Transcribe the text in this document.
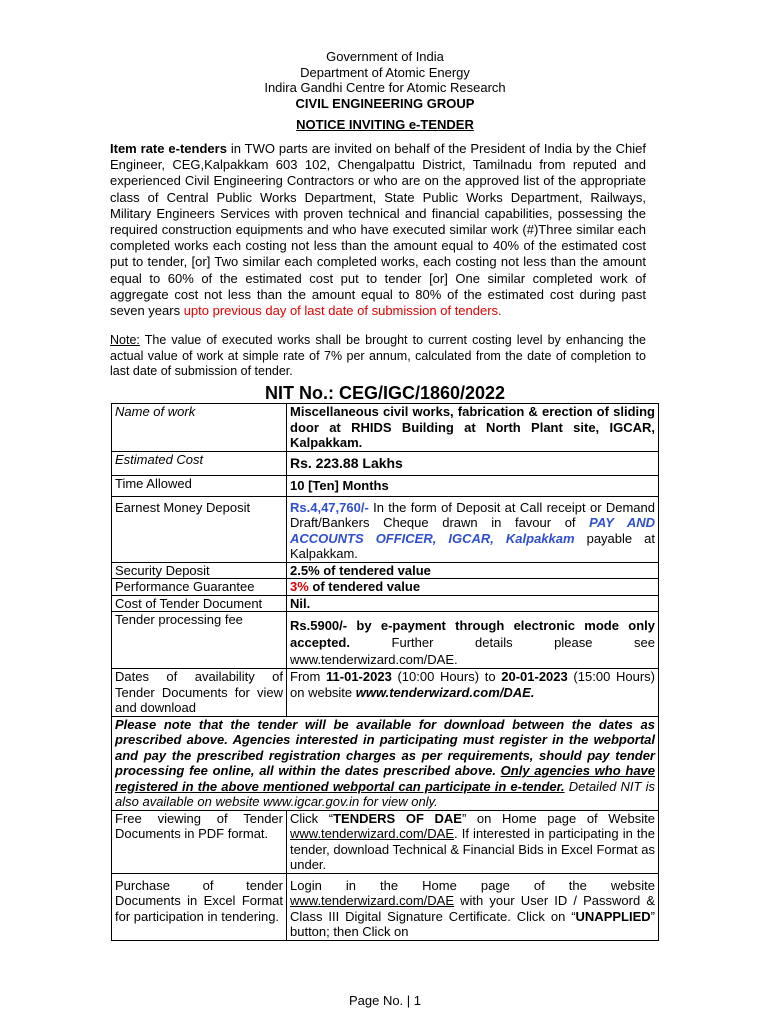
Government of India
Department of Atomic Energy
Indira Gandhi Centre for Atomic Research
CIVIL ENGINEERING GROUP
NOTICE INVITING e-TENDER
Item rate e-tenders in TWO parts are invited on behalf of the President of India by the Chief Engineer, CEG,Kalpakkam 603 102, Chengalpattu District, Tamilnadu from reputed and experienced Civil Engineering Contractors or who are on the approved list of the appropriate class of Central Public Works Department, State Public Works Department, Railways, Military Engineers Services with proven technical and financial capabilities, possessing the required construction equipments and who have executed similar work (#)Three similar each completed works each costing not less than the amount equal to 40% of the estimated cost put to tender, [or] Two similar each completed works, each costing not less than the amount equal to 60% of the estimated cost put to tender [or] One similar completed work of aggregate cost not less than the amount equal to 80% of the estimated cost during past seven years upto previous day of last date of submission of tenders.
Note: The value of executed works shall be brought to current costing level by enhancing the actual value of work at simple rate of 7% per annum, calculated from the date of completion to last date of submission of tender.
NIT No.: CEG/IGC/1860/2022
Name of work	Miscellaneous civil works, fabrication & erection of sliding door at RHIDS Building at North Plant site, IGCAR, Kalpakkam.
Estimated Cost	Rs. 223.88 Lakhs
Time Allowed	10 [Ten] Months
Earnest Money Deposit	Rs.4,47,760/- In the form of Deposit at Call receipt or Demand Draft/Bankers Cheque drawn in favour of PAY AND ACCOUNTS OFFICER, IGCAR, Kalpakkam payable at Kalpakkam.
Security Deposit	2.5% of tendered value
Performance Guarantee	3% of tendered value
Cost of Tender Document	Nil.
Tender processing fee	Rs.5900/- by e-payment through electronic mode only accepted. Further details please see www.tenderwizard.com/DAE.
Dates of availability of Tender Documents for view and download	From 11-01-2023 (10:00 Hours) to 20-01-2023 (15:00 Hours) on website www.tenderwizard.com/DAE.
Please note that the tender will be available for download between the dates as prescribed above. Agencies interested in participating must register in the webportal and pay the prescribed registration charges as per requirements, should pay tender processing fee online, all within the dates prescribed above. Only agencies who have registered in the above mentioned webportal can participate in e-tender. Detailed NIT is also available on website www.igcar.gov.in for view only.	
Free viewing of Tender Documents in PDF format.	Click “TENDERS OF DAE” on Home page of Website www.tenderwizard.com/DAE. If interested in participating in the tender, download Technical & Financial Bids in Excel Format as under.
Purchase of tender Documents in Excel Format for participation in tendering.	Login in the Home page of the website www.tenderwizard.com/DAE with your User ID / Password & Class III Digital Signature Certificate. Click on “UNAPPLIED” button; then Click on
Page No. | 1
